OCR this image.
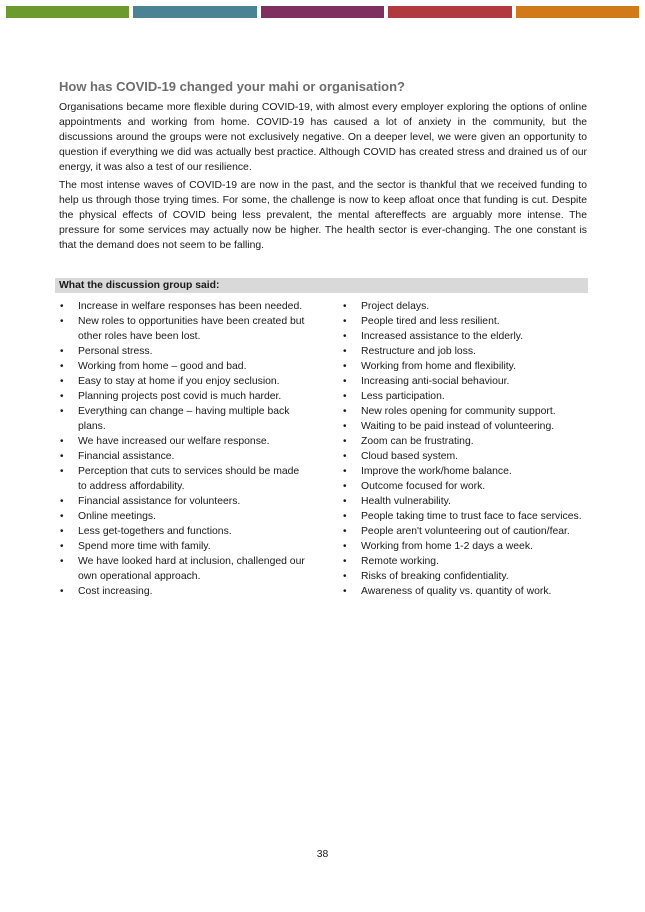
How has COVID-19 changed your mahi or organisation?

Organisations became more flexible during COVID-19, with almost every employer exploring the options of online appointments and working from home. COVID-19 has caused a lot of anxiety in the community, but the discussions around the groups were not exclusively negative. On a deeper level, we were given an opportunity to question if everything we did was actually best practice. Although COVID has created stress and drained us of our energy, it was also a test of our resilience.

The most intense waves of COVID-19 are now in the past, and the sector is thankful that we received funding to help us through those trying times. For some, the challenge is now to keep afloat once that funding is cut. Despite the physical effects of COVID being less prevalent, the mental aftereffects are arguably more intense. The pressure for some services may actually now be higher. The health sector is ever-changing. The one constant is that the demand does not seem to be falling.

What the discussion group said:
• Increase in welfare responses has been needed.
• New roles to opportunities have been created but other roles have been lost.
• Personal stress.
• Working from home – good and bad.
• Easy to stay at home if you enjoy seclusion.
• Planning projects post covid is much harder.
• Everything can change – having multiple back plans.
• We have increased our welfare response.
• Financial assistance.
• Perception that cuts to services should be made to address affordability.
• Financial assistance for volunteers.
• Online meetings.
• Less get-togethers and functions.
• Spend more time with family.
• We have looked hard at inclusion, challenged our own operational approach.
• Cost increasing.
• Project delays.
• People tired and less resilient.
• Increased assistance to the elderly.
• Restructure and job loss.
• Working from home and flexibility.
• Increasing anti-social behaviour.
• Less participation.
• New roles opening for community support.
• Waiting to be paid instead of volunteering.
• Zoom can be frustrating.
• Cloud based system.
• Improve the work/home balance.
• Outcome focused for work.
• Health vulnerability.
• People taking time to trust face to face services.
• People aren't volunteering out of caution/fear.
• Working from home 1-2 days a week.
• Remote working.
• Risks of breaking confidentiality.
• Awareness of quality vs. quantity of work.
38
